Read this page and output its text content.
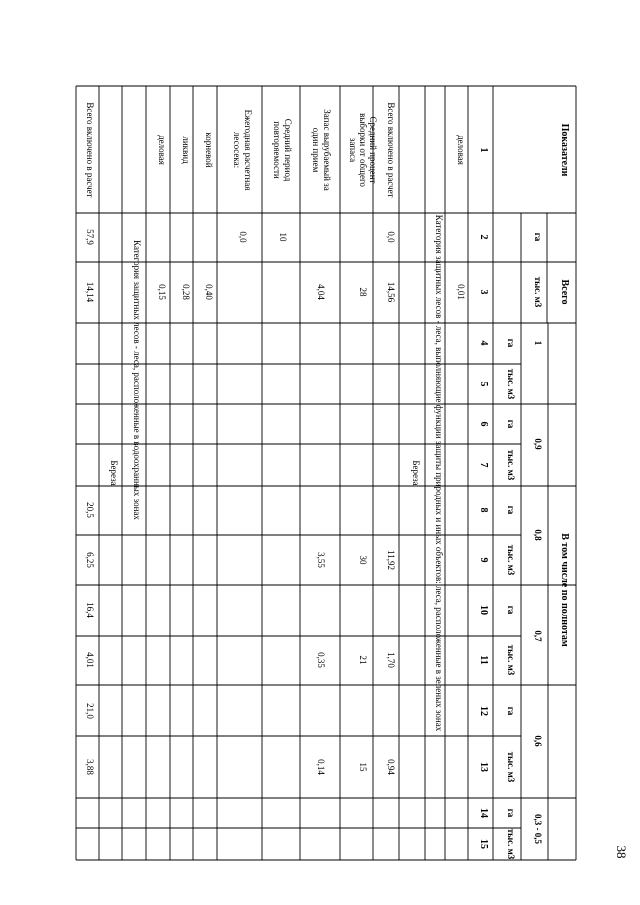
38
Показатели
Всего
В том числе по полнотам
1
0,9
0,8
0,7
0,6
0,3 - 0,5
га
тыс. м3
га
тыс. м3
га
тыс. м3
га
тыс. м3
га
тыс. м3
га
тыс. м3
га
тыс. м3
1
2
3
4
5
6
7
8
9
10
11
12
13
14
15
деловая
0,01
Категория защитных лесов - леса, выполняющие функции защиты природных и иных объектов: леса, расположенные в зеленых зонах
Береза
Всего включено в расчет
0,0
14,56
11,92
1,70
0,94
Средний процент
выборки от общего
запаса
28
30
21
15
Запас вырубаемый за
один прием
4,04
3,55
0,35
0,14
Средний период
повторяемости
10
Ежегодная расчетная
лесосека:
0,0
корневой
0,40
ликвид
0,28
деловая
0,15
Категория защитных лесов - леса, расположенные в водоохранных зонах
Береза
Всего включено в расчет
57,9
14,14
20,5
6,25
16,4
4,01
21,0
3,88
